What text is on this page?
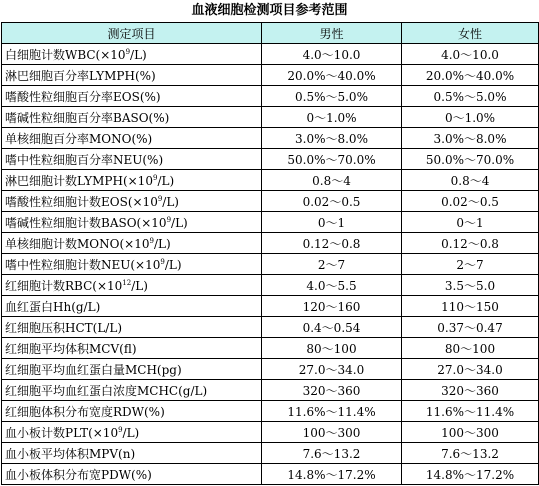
血液细胞检测项目参考范围
测定项目	男性	女性
白细胞计数$WBC(\times 10^9/L)$	4.0～10.0	4.0～10.0
淋巴细胞百分率LYMPH(%)	20.0%～40.0%	20.0%～40.0%
嗜酸性粒细胞百分率EOS(%)	0.5%～5.0%	0.5%～5.0%
嗜碱性粒细胞百分率BASO(%)	0～1.0%	0～1.0%
单核细胞百分率MONO(%)	3.0%～8.0%	3.0%～8.0%
嗜中性粒细胞百分率NEU(%)	50.0%～70.0%	50.0%～70.0%
淋巴细胞计数$LYMPH(\times 10^9/L)$	0.8～4	0.8～4
嗜酸性粒细胞计数$EOS(\times 10^9/L)$	0.02～0.5	0.02～0.5
嗜碱性粒细胞计数$BASO(\times 10^9/L)$	0～1	0～1
单核细胞计数$MONO(\times 10^9/L)$	0.12～0.8	0.12～0.8
嗜中性粒细胞计数$NEU(\times 10^9/L)$	2～7	2～7
红细胞计数$RBC(\times 10^{12}/L)$	4.0～5.5	3.5～5.0
血红蛋白Hh(g/L)	120～160	110～150
红细胞压积HCT(L/L)	0.4～0.54	0.37～0.47
红细胞平均体积MCV(fl)	80～100	80～100
红细胞平均血红蛋白量MCH(pg)	27.0～34.0	27.0～34.0
红细胞平均血红蛋白浓度MCHC(g/L)	320～360	320～360
红细胞体积分布宽度RDW(%)	11.6%～11.4%	11.6%～11.4%
血小板计数$PLT(\times 10^9/L)$	100～300	100～300
血小板平均体积MPV(n)	7.6～13.2	7.6～13.2
血小板体积分布宽PDW(%)	14.8%～17.2%	14.8%～17.2%
